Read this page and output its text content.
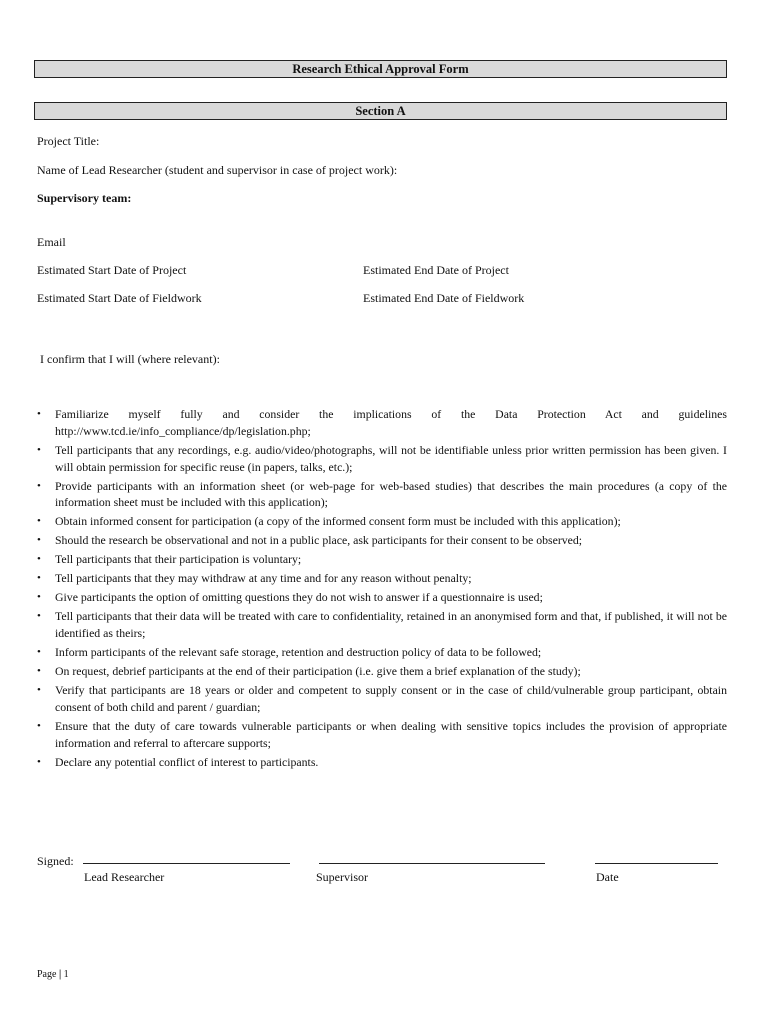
Research Ethical Approval Form
Section A
Project Title:
Name of Lead Researcher (student and supervisor in case of project work):
Supervisory team:
Email
Estimated Start Date of Project	Estimated End Date of Project
Estimated Start Date of Fieldwork	Estimated End Date of Fieldwork
I confirm that I will (where relevant):
• Familiarize myself fully and consider the implications of the Data Protection Act and guidelines http://www.tcd.ie/info_compliance/dp/legislation.php;
• Tell participants that any recordings, e.g. audio/video/photographs, will not be identifiable unless prior written permission has been given. I will obtain permission for specific reuse (in papers, talks, etc.);
• Provide participants with an information sheet (or web-page for web-based studies) that describes the main procedures (a copy of the information sheet must be included with this application);
• Obtain informed consent for participation (a copy of the informed consent form must be included with this application);
• Should the research be observational and not in a public place, ask participants for their consent to be observed;
• Tell participants that their participation is voluntary;
• Tell participants that they may withdraw at any time and for any reason without penalty;
• Give participants the option of omitting questions they do not wish to answer if a questionnaire is used;
• Tell participants that their data will be treated with care to confidentiality, retained in an anonymised form and that, if published, it will not be identified as theirs;
• Inform participants of the relevant safe storage, retention and destruction policy of data to be followed;
• On request, debrief participants at the end of their participation (i.e. give them a brief explanation of the study);
• Verify that participants are 18 years or older and competent to supply consent or in the case of child/vulnerable group participant, obtain consent of both child and parent / guardian;
• Ensure that the duty of care towards vulnerable participants or when dealing with sensitive topics includes the provision of appropriate information and referral to aftercare supports;
• Declare any potential conflict of interest to participants.
Signed:
Lead Researcher	Supervisor	Date
Page | 1
